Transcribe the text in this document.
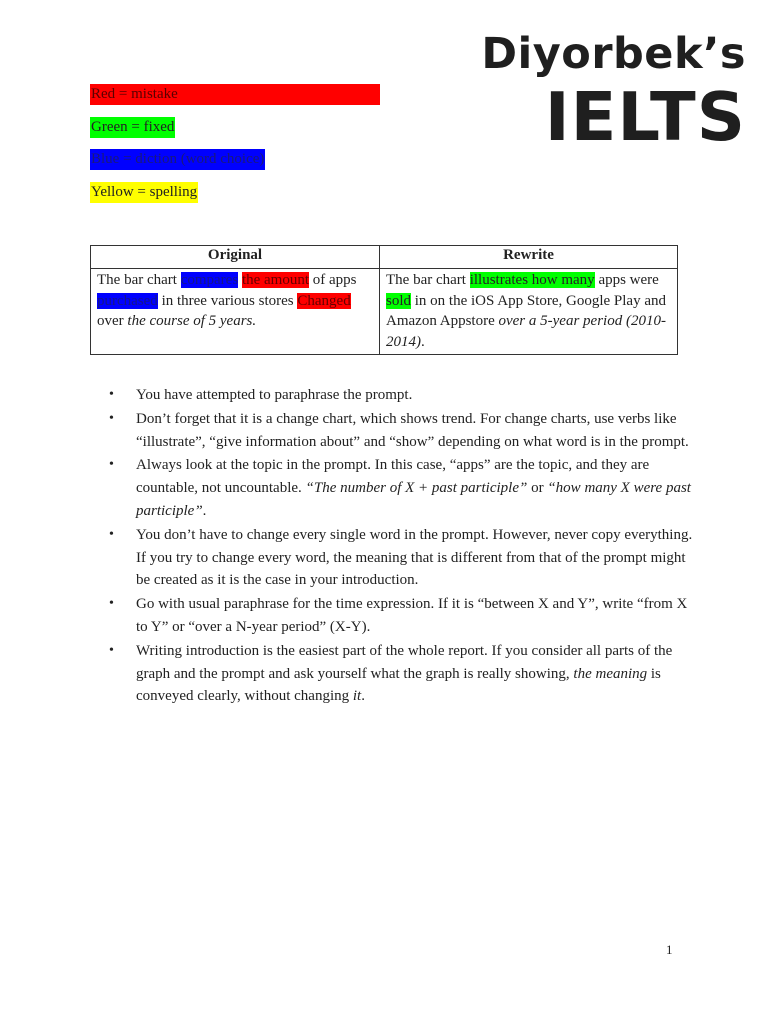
Diyorbek’s
IELTS
Red = mistake
Green = fixed
Blue = diction (word choice)
Yellow = spelling
Original	Rewrite
The bar chart compares the amount of apps purchased in three various stores Changed over the course of 5 years.	The bar chart illustrates how many apps were sold in on the iOS App Store, Google Play and Amazon Appstore over a 5-year period (2010-2014).
• You have attempted to paraphrase the prompt.
• Don’t forget that it is a change chart, which shows trend. For change charts, use verbs like “illustrate”, “give information about” and “show” depending on what word is in the prompt.
• Always look at the topic in the prompt. In this case, “apps” are the topic, and they are countable, not uncountable. “The number of X + past participle” or “how many X were past participle”.
• You don’t have to change every single word in the prompt. However, never copy everything. If you try to change every word, the meaning that is different from that of the prompt might be created as it is the case in your introduction.
• Go with usual paraphrase for the time expression. If it is “between X and Y”, write “from X to Y” or “over a N-year period” (X-Y).
• Writing introduction is the easiest part of the whole report. If you consider all parts of the graph and the prompt and ask yourself what the graph is really showing, the meaning is conveyed clearly, without changing it.
1
